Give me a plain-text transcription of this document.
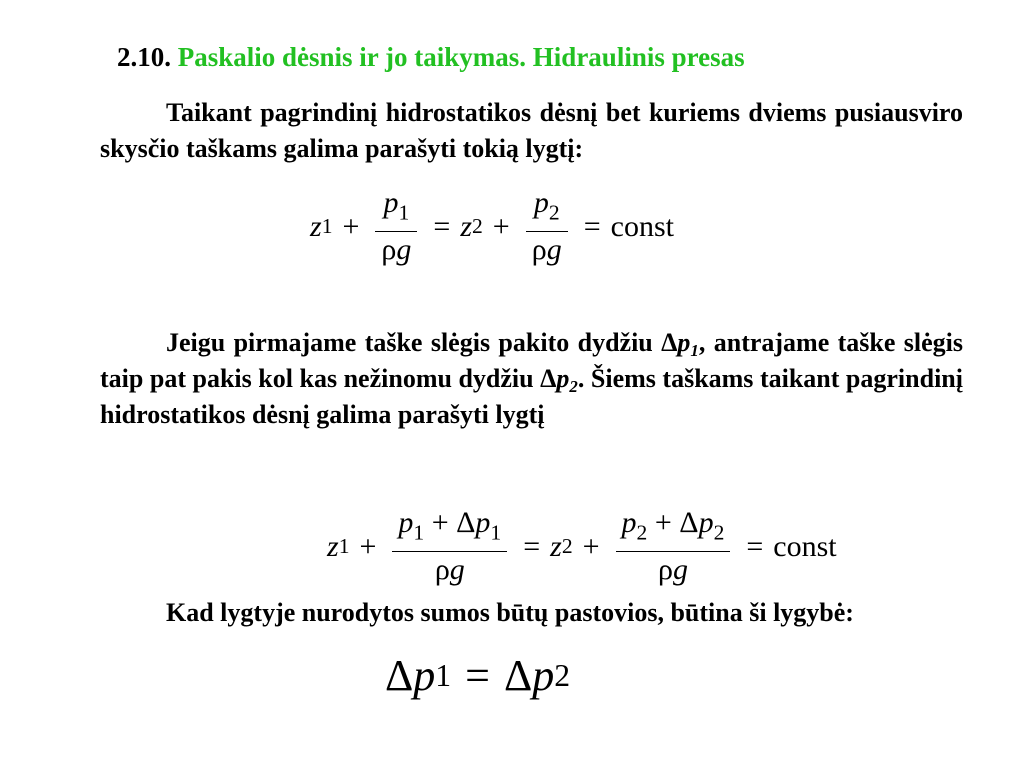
2.10. Paskalio dėsnis ir jo taikymas. Hidraulinis presas
Taikant pagrindinį hidrostatikos dėsnį bet kuriems dviems pusiausviro skysčio taškams galima parašyti tokią lygtį:
z $1 + \frac{p_1}{\rho g} = z$ $2 + \frac{p_2}{\rho g}$ = const
Jeigu pirmajame taške slėgis pakito dydžiu $\Delta p_1$, antrajame taške slėgis taip pat pakis kol kas nežinomu dydžiu $\Delta p_2$. Šiems taškams taikant pagrindinį hidrostatikos dėsnį galima parašyti lygtį
z $1 + \frac{p_1 + \Delta p_1}{\rho g} = z$ $2 + \frac{p_2 + \Delta p_2}{\rho g}$ = const
Kad lygtyje nurodytos sumos būtų pastovios, būtina ši lygybė:
Δ p 1 = Δ p 2
